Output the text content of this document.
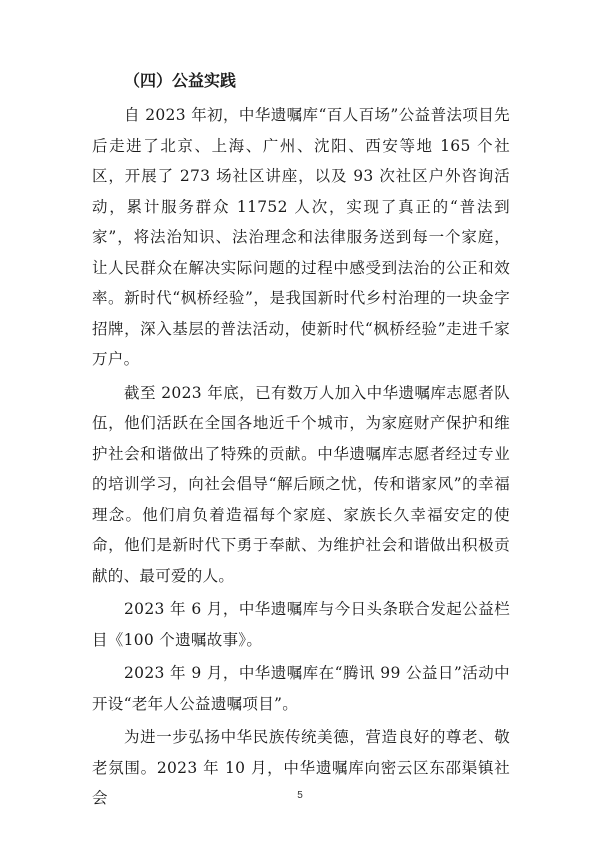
（四）公益实践

自 2023 年初，中华遗嘱库“百人百场”公益普法项目先后走进了北京、上海、广州、沈阳、西安等地 165 个社区，开展了 273 场社区讲座，以及 93 次社区户外咨询活动，累计服务群众 11752 人次，实现了真正的“普法到家”，将法治知识、法治理念和法律服务送到每一个家庭，让人民群众在解决实际问题的过程中感受到法治的公正和效率。新时代“枫桥经验”，是我国新时代乡村治理的一块金字招牌，深入基层的普法活动，使新时代“枫桥经验”走进千家万户。

截至 2023 年底，已有数万人加入中华遗嘱库志愿者队伍，他们活跃在全国各地近千个城市，为家庭财产保护和维护社会和谐做出了特殊的贡献。中华遗嘱库志愿者经过专业的培训学习，向社会倡导“解后顾之忧，传和谐家风”的幸福理念。他们肩负着造福每个家庭、家族长久幸福安定的使命，他们是新时代下勇于奉献、为维护社会和谐做出积极贡献的、最可爱的人。

2023 年 6 月，中华遗嘱库与今日头条联合发起公益栏目《100 个遗嘱故事》。

2023 年 9 月，中华遗嘱库在“腾讯 99 公益日”活动中开设“老年人公益遗嘱项目”。

为进一步弘扬中华民族传统美德，营造良好的尊老、敬老氛围。2023 年 10 月，中华遗嘱库向密云区东邵渠镇社会	5
